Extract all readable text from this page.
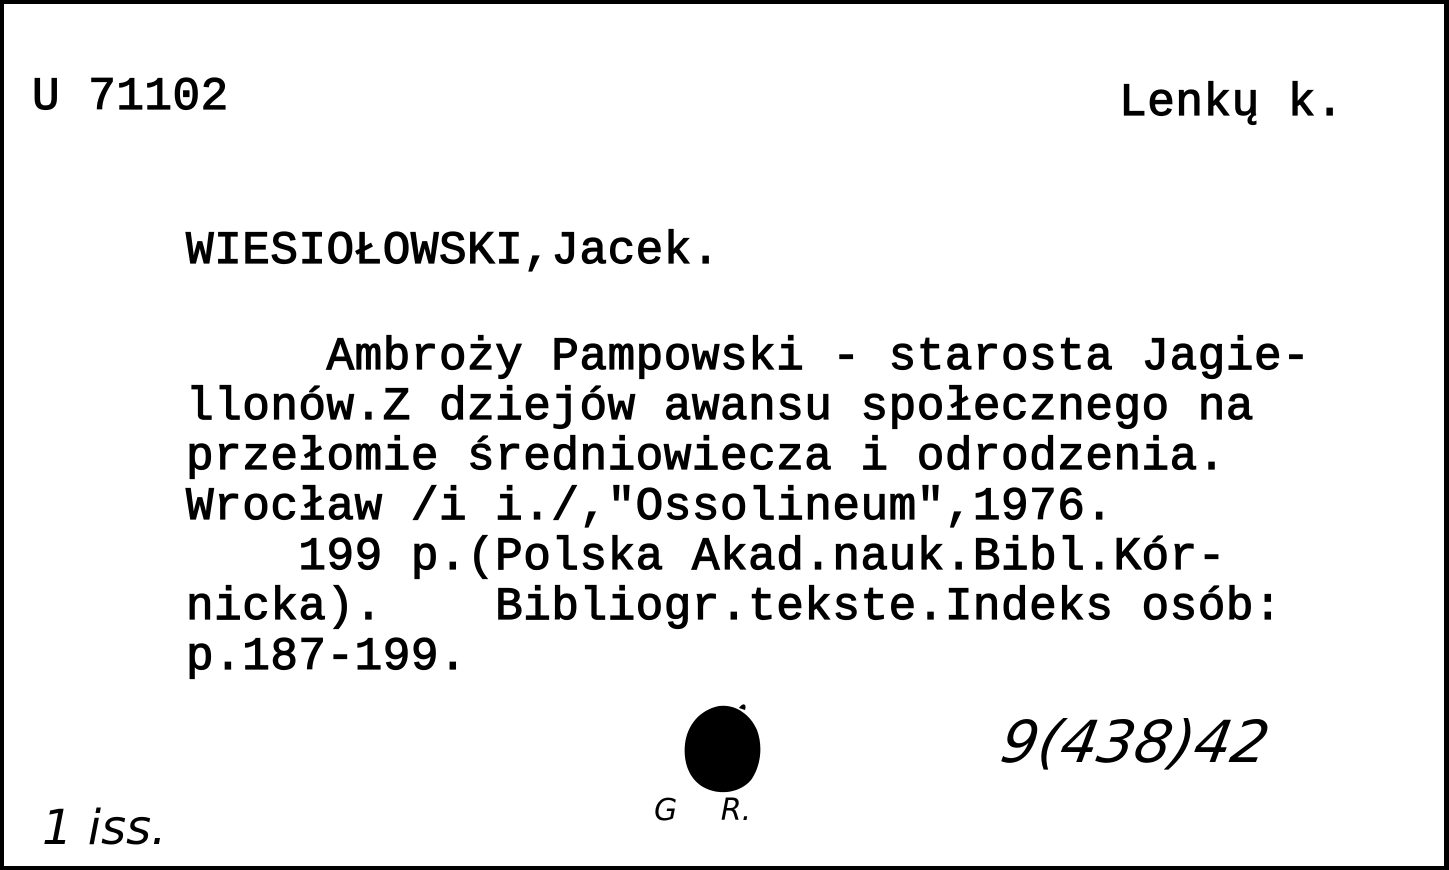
U 71102	Lenkų k.
WIESIOŁOWSKI,Jacek.
Ambroży Pampowski - starosta Jagie-
llonów.Z dziejów awansu społecznego na
przełomie średniowiecza i odrodzenia.
Wrocław /i i./,"Ossolineum",1976.
199 p.(Polska Akad.nauk.Bibl.Kór-
nicka).    Bibliogr.tekste.Indeks osób:
p.187-199.
9(438)42
1 iss.	G R.
